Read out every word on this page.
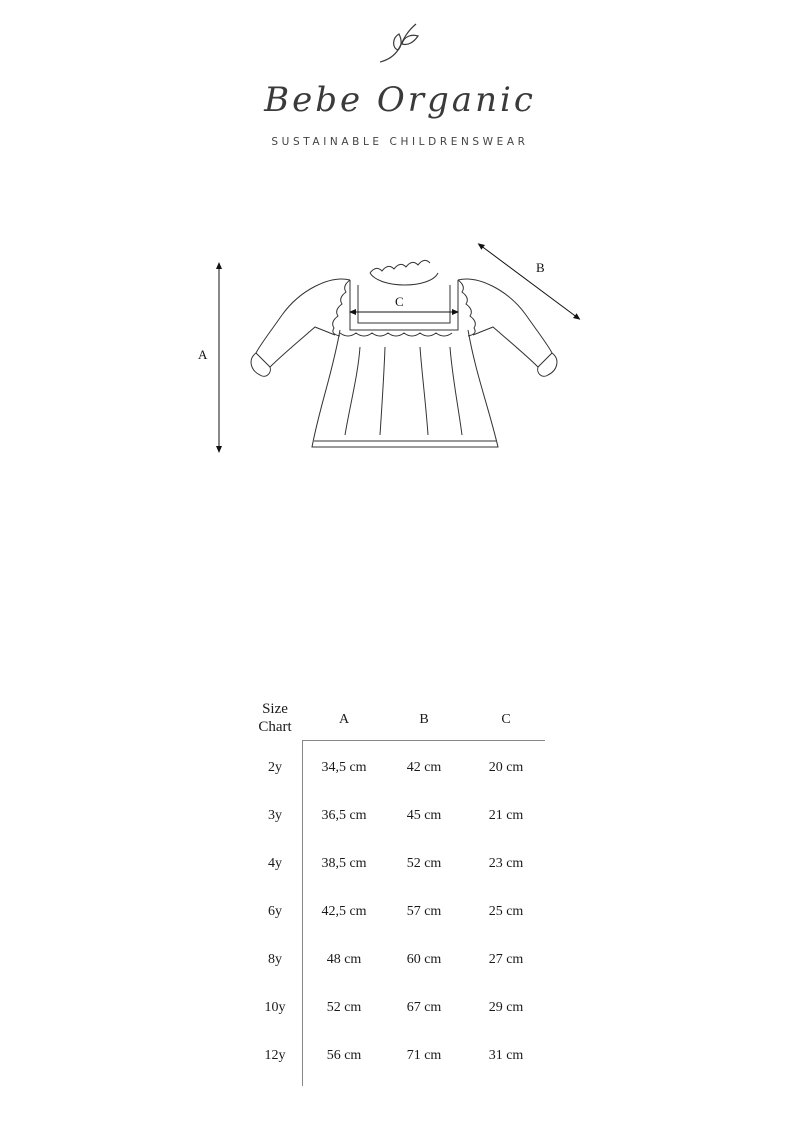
Bebe Organic
SUSTAINABLE CHILDRENSWEAR
A
B
C
Size
Chart	A	B	C
2y	34,5 cm	42 cm	20 cm
3y	36,5 cm	45 cm	21 cm
4y	38,5 cm	52 cm	23 cm
6y	42,5 cm	57 cm	25 cm
8y	48 cm	60 cm	27 cm
10y	52 cm	67 cm	29 cm
12y	56 cm	71 cm	31 cm
